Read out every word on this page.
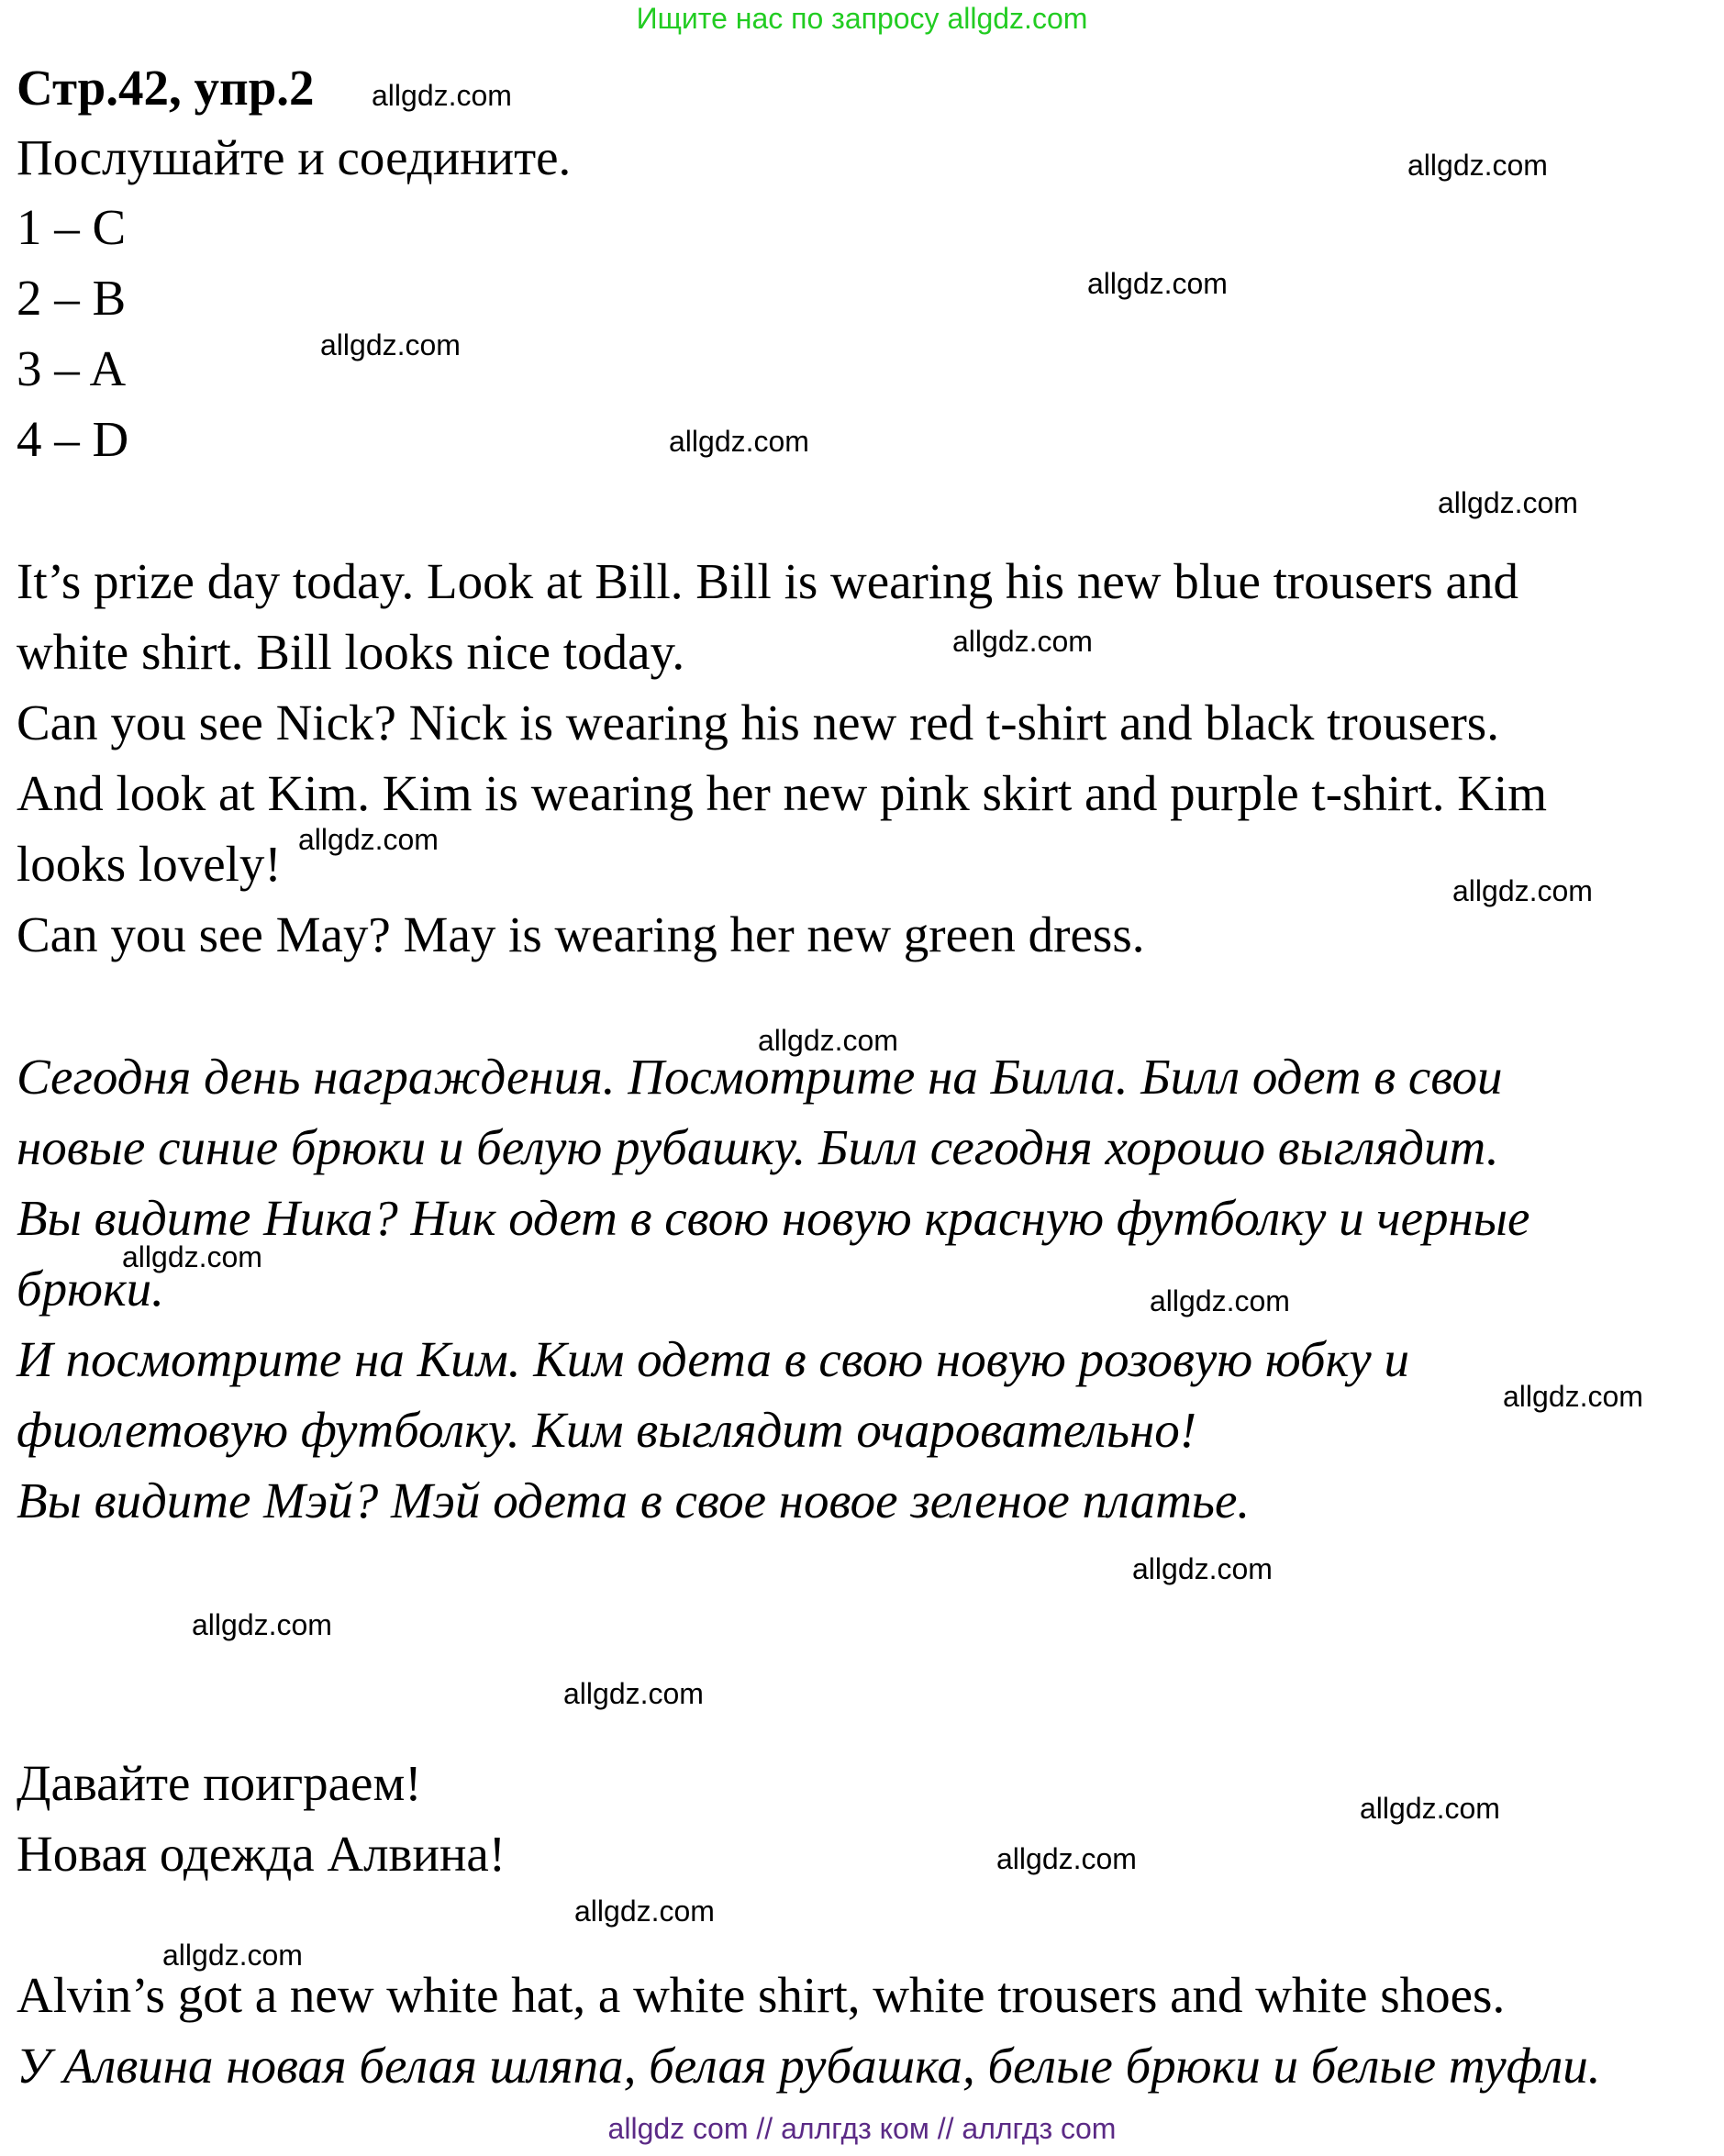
Ищите нас по запросу allgdz.com
Стр.42, упр.2
Послушайте и соедините.
1 – C
2 – B
3 – A
4 – D
It’s prize day today. Look at Bill. Bill is wearing his new blue trousers and
white shirt. Bill looks nice today.
Can you see Nick? Nick is wearing his new red t-shirt and black trousers.
And look at Kim. Kim is wearing her new pink skirt and purple t-shirt. Kim
looks lovely!
Can you see May? May is wearing her new green dress.
Сегодня день награждения. Посмотрите на Билла. Билл одет в свои
новые синие брюки и белую рубашку. Билл сегодня хорошо выглядит.
Вы видите Ника? Ник одет в свою новую красную футболку и черные
брюки.
И посмотрите на Ким. Ким одета в свою новую розовую юбку и
фиолетовую футболку. Ким выглядит очаровательно!
Вы видите Мэй? Мэй одета в свое новое зеленое платье.
Давайте поиграем!
Новая одежда Алвина!
Alvin’s got a new white hat, a white shirt, white trousers and white shoes.
У Алвина новая белая шляпа, белая рубашка, белые брюки и белые туфли.
allgdz.com
allgdz.com
allgdz.com
allgdz.com
allgdz.com
allgdz.com
allgdz.com
allgdz.com
allgdz.com
allgdz.com
allgdz.com
allgdz.com
allgdz.com
allgdz.com
allgdz.com
allgdz.com
allgdz.com
allgdz.com
allgdz.com
allgdz.com
allgdz com // аллгдз ком // аллгдз com
